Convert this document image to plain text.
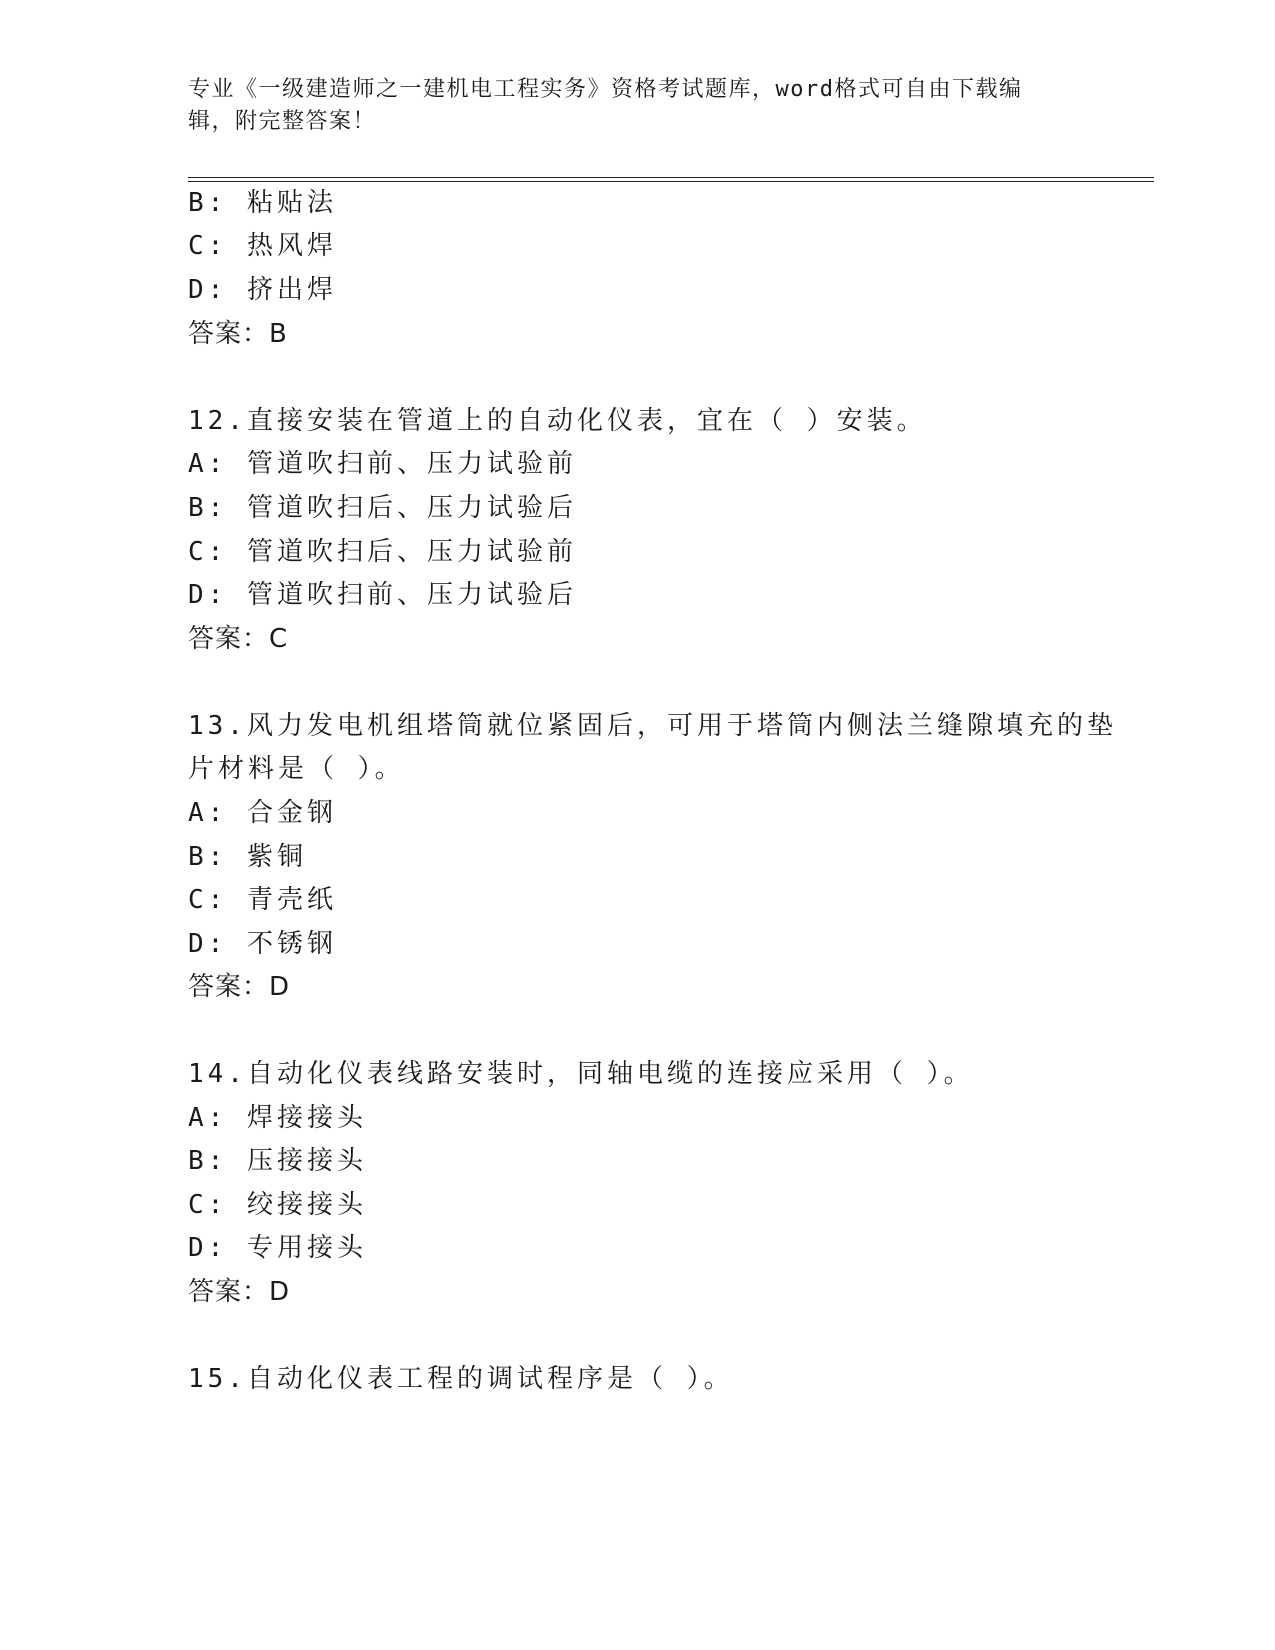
专业《一级建造师之一建机电工程实务》资格考试题库，word格式可自由下载编
辑，附完整答案！
B: 粘贴法
C: 热风焊
D: 挤出焊
答案：B
12.直接安装在管道上的自动化仪表，宜在（ ）安装。
A: 管道吹扫前、压力试验前
B: 管道吹扫后、压力试验后
C: 管道吹扫后、压力试验前
D: 管道吹扫前、压力试验后
答案：C
13.风力发电机组塔筒就位紧固后，可用于塔筒内侧法兰缝隙填充的垫
片材料是（ ）。
A: 合金钢
B: 紫铜
C: 青壳纸
D: 不锈钢
答案：D
14.自动化仪表线路安装时，同轴电缆的连接应采用（ ）。
A: 焊接接头
B: 压接接头
C: 绞接接头
D: 专用接头
答案：D
15.自动化仪表工程的调试程序是（ ）。
